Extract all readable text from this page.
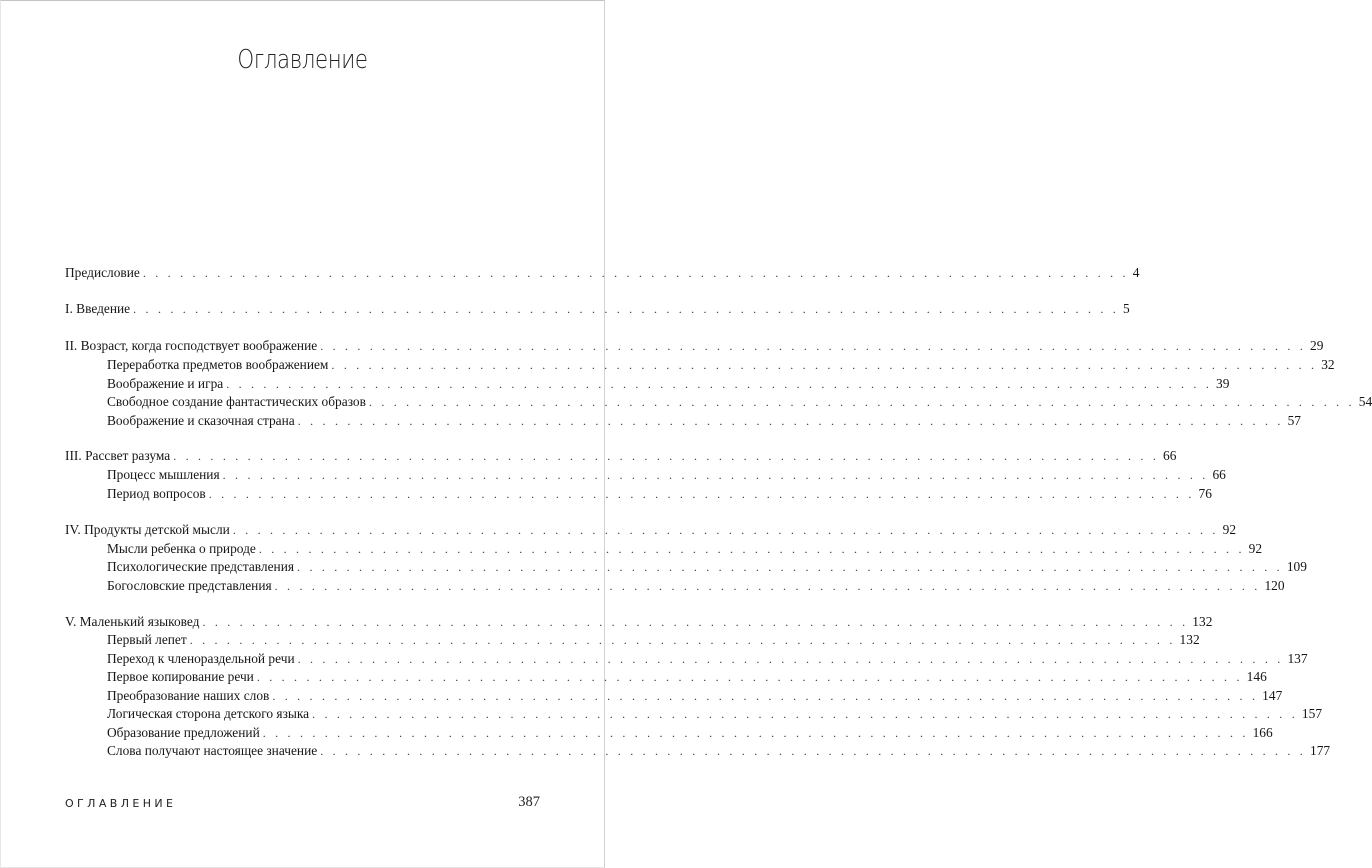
Оглавление
Предисловие . . . . . . . . . . . . . . . . . . . . . . . . . . . . . . . . . . . . . . . . . . . . . . . . . . . . . . . . . . . . . . . . . . . . . . . . . . . . . . . . 4
I. Введение . . . . . . . . . . . . . . . . . . . . . . . . . . . . . . . . . . . . . . . . . . . . . . . . . . . . . . . . . . . . . . . . . . . . . . . . . . . . . . . . 5
II. Возраст, когда господствует воображение . . . . . . . . . . . . . . . . . . . . . . . . . . . . . . . . . . . . . . . . . . . . . . . . . . . . . . . . . . . . . . . . . . . . . . . . . . . . . . . . 29
Переработка предметов воображением . . . . . . . . . . . . . . . . . . . . . . . . . . . . . . . . . . . . . . . . . . . . . . . . . . . . . . . . . . . . . . . . . . . . . . . . . . . . . . . . 32
Воображение и игра . . . . . . . . . . . . . . . . . . . . . . . . . . . . . . . . . . . . . . . . . . . . . . . . . . . . . . . . . . . . . . . . . . . . . . . . . . . . . . . . 39
Свободное создание фантастических образов . . . . . . . . . . . . . . . . . . . . . . . . . . . . . . . . . . . . . . . . . . . . . . . . . . . . . . . . . . . . . . . . . . . . . . . . . . . . . . . . 54
Воображение и сказочная страна . . . . . . . . . . . . . . . . . . . . . . . . . . . . . . . . . . . . . . . . . . . . . . . . . . . . . . . . . . . . . . . . . . . . . . . . . . . . . . . . 57
III. Рассвет разума . . . . . . . . . . . . . . . . . . . . . . . . . . . . . . . . . . . . . . . . . . . . . . . . . . . . . . . . . . . . . . . . . . . . . . . . . . . . . . . . 66
Процесс мышления . . . . . . . . . . . . . . . . . . . . . . . . . . . . . . . . . . . . . . . . . . . . . . . . . . . . . . . . . . . . . . . . . . . . . . . . . . . . . . . . 66
Период вопросов . . . . . . . . . . . . . . . . . . . . . . . . . . . . . . . . . . . . . . . . . . . . . . . . . . . . . . . . . . . . . . . . . . . . . . . . . . . . . . . . 76
IV. Продукты детской мысли . . . . . . . . . . . . . . . . . . . . . . . . . . . . . . . . . . . . . . . . . . . . . . . . . . . . . . . . . . . . . . . . . . . . . . . . . . . . . . . . 92
Мысли ребенка о природе . . . . . . . . . . . . . . . . . . . . . . . . . . . . . . . . . . . . . . . . . . . . . . . . . . . . . . . . . . . . . . . . . . . . . . . . . . . . . . . . 92
Психологические представления . . . . . . . . . . . . . . . . . . . . . . . . . . . . . . . . . . . . . . . . . . . . . . . . . . . . . . . . . . . . . . . . . . . . . . . . . . . . . . . . 109
Богословские представления . . . . . . . . . . . . . . . . . . . . . . . . . . . . . . . . . . . . . . . . . . . . . . . . . . . . . . . . . . . . . . . . . . . . . . . . . . . . . . . . 120
V. Маленький языковед . . . . . . . . . . . . . . . . . . . . . . . . . . . . . . . . . . . . . . . . . . . . . . . . . . . . . . . . . . . . . . . . . . . . . . . . . . . . . . . . 132
Первый лепет . . . . . . . . . . . . . . . . . . . . . . . . . . . . . . . . . . . . . . . . . . . . . . . . . . . . . . . . . . . . . . . . . . . . . . . . . . . . . . . . 132
Переход к членораздельной речи . . . . . . . . . . . . . . . . . . . . . . . . . . . . . . . . . . . . . . . . . . . . . . . . . . . . . . . . . . . . . . . . . . . . . . . . . . . . . . . . 137
Первое копирование речи . . . . . . . . . . . . . . . . . . . . . . . . . . . . . . . . . . . . . . . . . . . . . . . . . . . . . . . . . . . . . . . . . . . . . . . . . . . . . . . . 146
Преобразование наших слов . . . . . . . . . . . . . . . . . . . . . . . . . . . . . . . . . . . . . . . . . . . . . . . . . . . . . . . . . . . . . . . . . . . . . . . . . . . . . . . . 147
Логическая сторона детского языка . . . . . . . . . . . . . . . . . . . . . . . . . . . . . . . . . . . . . . . . . . . . . . . . . . . . . . . . . . . . . . . . . . . . . . . . . . . . . . . . 157
Образование предложений . . . . . . . . . . . . . . . . . . . . . . . . . . . . . . . . . . . . . . . . . . . . . . . . . . . . . . . . . . . . . . . . . . . . . . . . . . . . . . . . 166
Слова получают настоящее значение . . . . . . . . . . . . . . . . . . . . . . . . . . . . . . . . . . . . . . . . . . . . . . . . . . . . . . . . . . . . . . . . . . . . . . . . . . . . . . . . 177
ОГЛАВЛЕНИЕ	387
